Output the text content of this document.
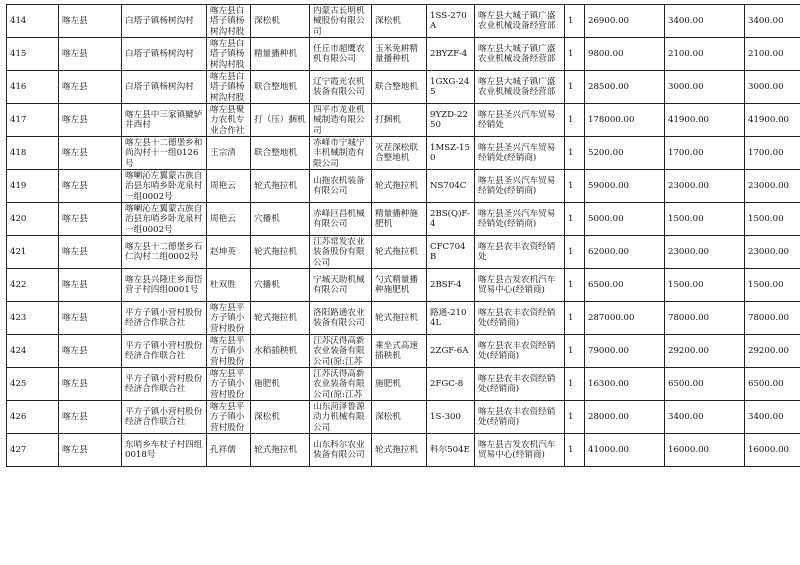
414	喀左县	白塔子镇杨树沟村	喀左县白塔子镇杨树沟村股	深松机	内蒙古长明机械股份有限公司	深松机	1SS-270A	喀左县大城子镇广盛农业机械设备经营部	1	26900.00	3400.00	3400.00

415	喀左县	白塔子镇杨树沟村	喀左县白塔子镇杨树沟村股	精量播种机	任丘市超鹰农机有限公司	玉米免耕精量播种机	2BYZF-4	喀左县大城子镇广盛农业机械设备经营部	1	9800.00	2100.00	2100.00

416	喀左县	白塔子镇杨树沟村	喀左县白塔子镇杨树沟村股	联合整地机	辽宁霞光农机装备有限公司	联合整地机	1GXG-245	喀左县大城子镇广盛农业机械设备经营部	1	28500.00	3000.00	3000.00

417	喀左县	喀左县中三家镇辘轳井西村	喀左县聚力农机专业合作社	打（压）捆机	四平市龙业机械制造有限公司	打捆机	9YZD-2250	喀左县圣兴汽车贸易经销处	1	178000.00	41900.00	41900.00

418	喀左县	喀左县十二德堡乡和尚沟村十一组0126号	王宗清	联合整地机	赤峰市宁城宁丰机械制造有限公司	灭茬深松联合整地机	1MSZ-150	喀左县圣兴汽车贸易经销处(经销商)	1	5200.00	1700.00	1700.00

419	喀左县	喀喇沁左翼蒙古族自治县东哨乡卧龙泉村一组0002号	周艳云	轮式拖拉机	山拖农机装备有限公司	轮式拖拉机	NS704C	喀左县圣兴汽车贸易经销处(经销商)	1	59000.00	23000.00	23000.00

420	喀左县	喀喇沁左翼蒙古族自治县东哨乡卧龙泉村一组0002号	周艳云	穴播机	赤峰巨昌机械有限公司	精量播种施肥机	2BS(Q)F-4	喀左县圣兴汽车贸易经销处(经销商)	1	5000.00	1500.00	1500.00

421	喀左县	喀左县十二德堡乡石仁沟村二组0002号	赵坤英	轮式拖拉机	江苏常发农业装备股份有限公司	轮式拖拉机	CFC704B	喀左县农丰农资经销处	1	62000.00	23000.00	23000.00

422	喀左县	喀左县兴隆庄乡海岱营子村四组0001号	杜双胜	穴播机	宁城天助机械有限公司	勺式精量播种施肥机	2BSF-4	喀左县吉发农机汽车贸易中心(经销商)	1	6500.00	1500.00	1500.00

423	喀左县	平方子镇小营村股份经济合作联合社	喀左县平方子镇小营村股份	轮式拖拉机	洛阳路通农业装备有限公司	轮式拖拉机	路通-2104L	喀左县农丰农资经销处(经销商)	1	287000.00	78000.00	78000.00

424	喀左县	平方子镇小营村股份经济合作联合社	喀左县平方子镇小营村股份	水稻插秧机	江苏沃得高新农业装备有限公司(原:江苏	乘坐式高速插秧机	2ZGF-6A	喀左县农丰农资经销处(经销商)	1	79000.00	29200.00	29200.00

425	喀左县	平方子镇小营村股份经济合作联合社	喀左县平方子镇小营村股份	施肥机	江苏沃得高新农业装备有限公司(原:江苏	施肥机	2FGC-8	喀左县农丰农资经销处(经销商)	1	16300.00	6500.00	6500.00

426	喀左县	平方子镇小营村股份经济合作联合社	喀左县平方子镇小营村股份	深松机	山东菏泽鲁源动力机械有限公司	深松机	1S-300	喀左县农丰农资经销处(经销商)	1	28000.00	3400.00	3400.00

427	喀左县	东哨乡车杖子村四组0018号	孔祥儒	轮式拖拉机	山东科尔农业装备有限公司	轮式拖拉机	科尔504E	喀左县吉发农机汽车贸易中心(经销商)	1	41000.00	16000.00	16000.00
